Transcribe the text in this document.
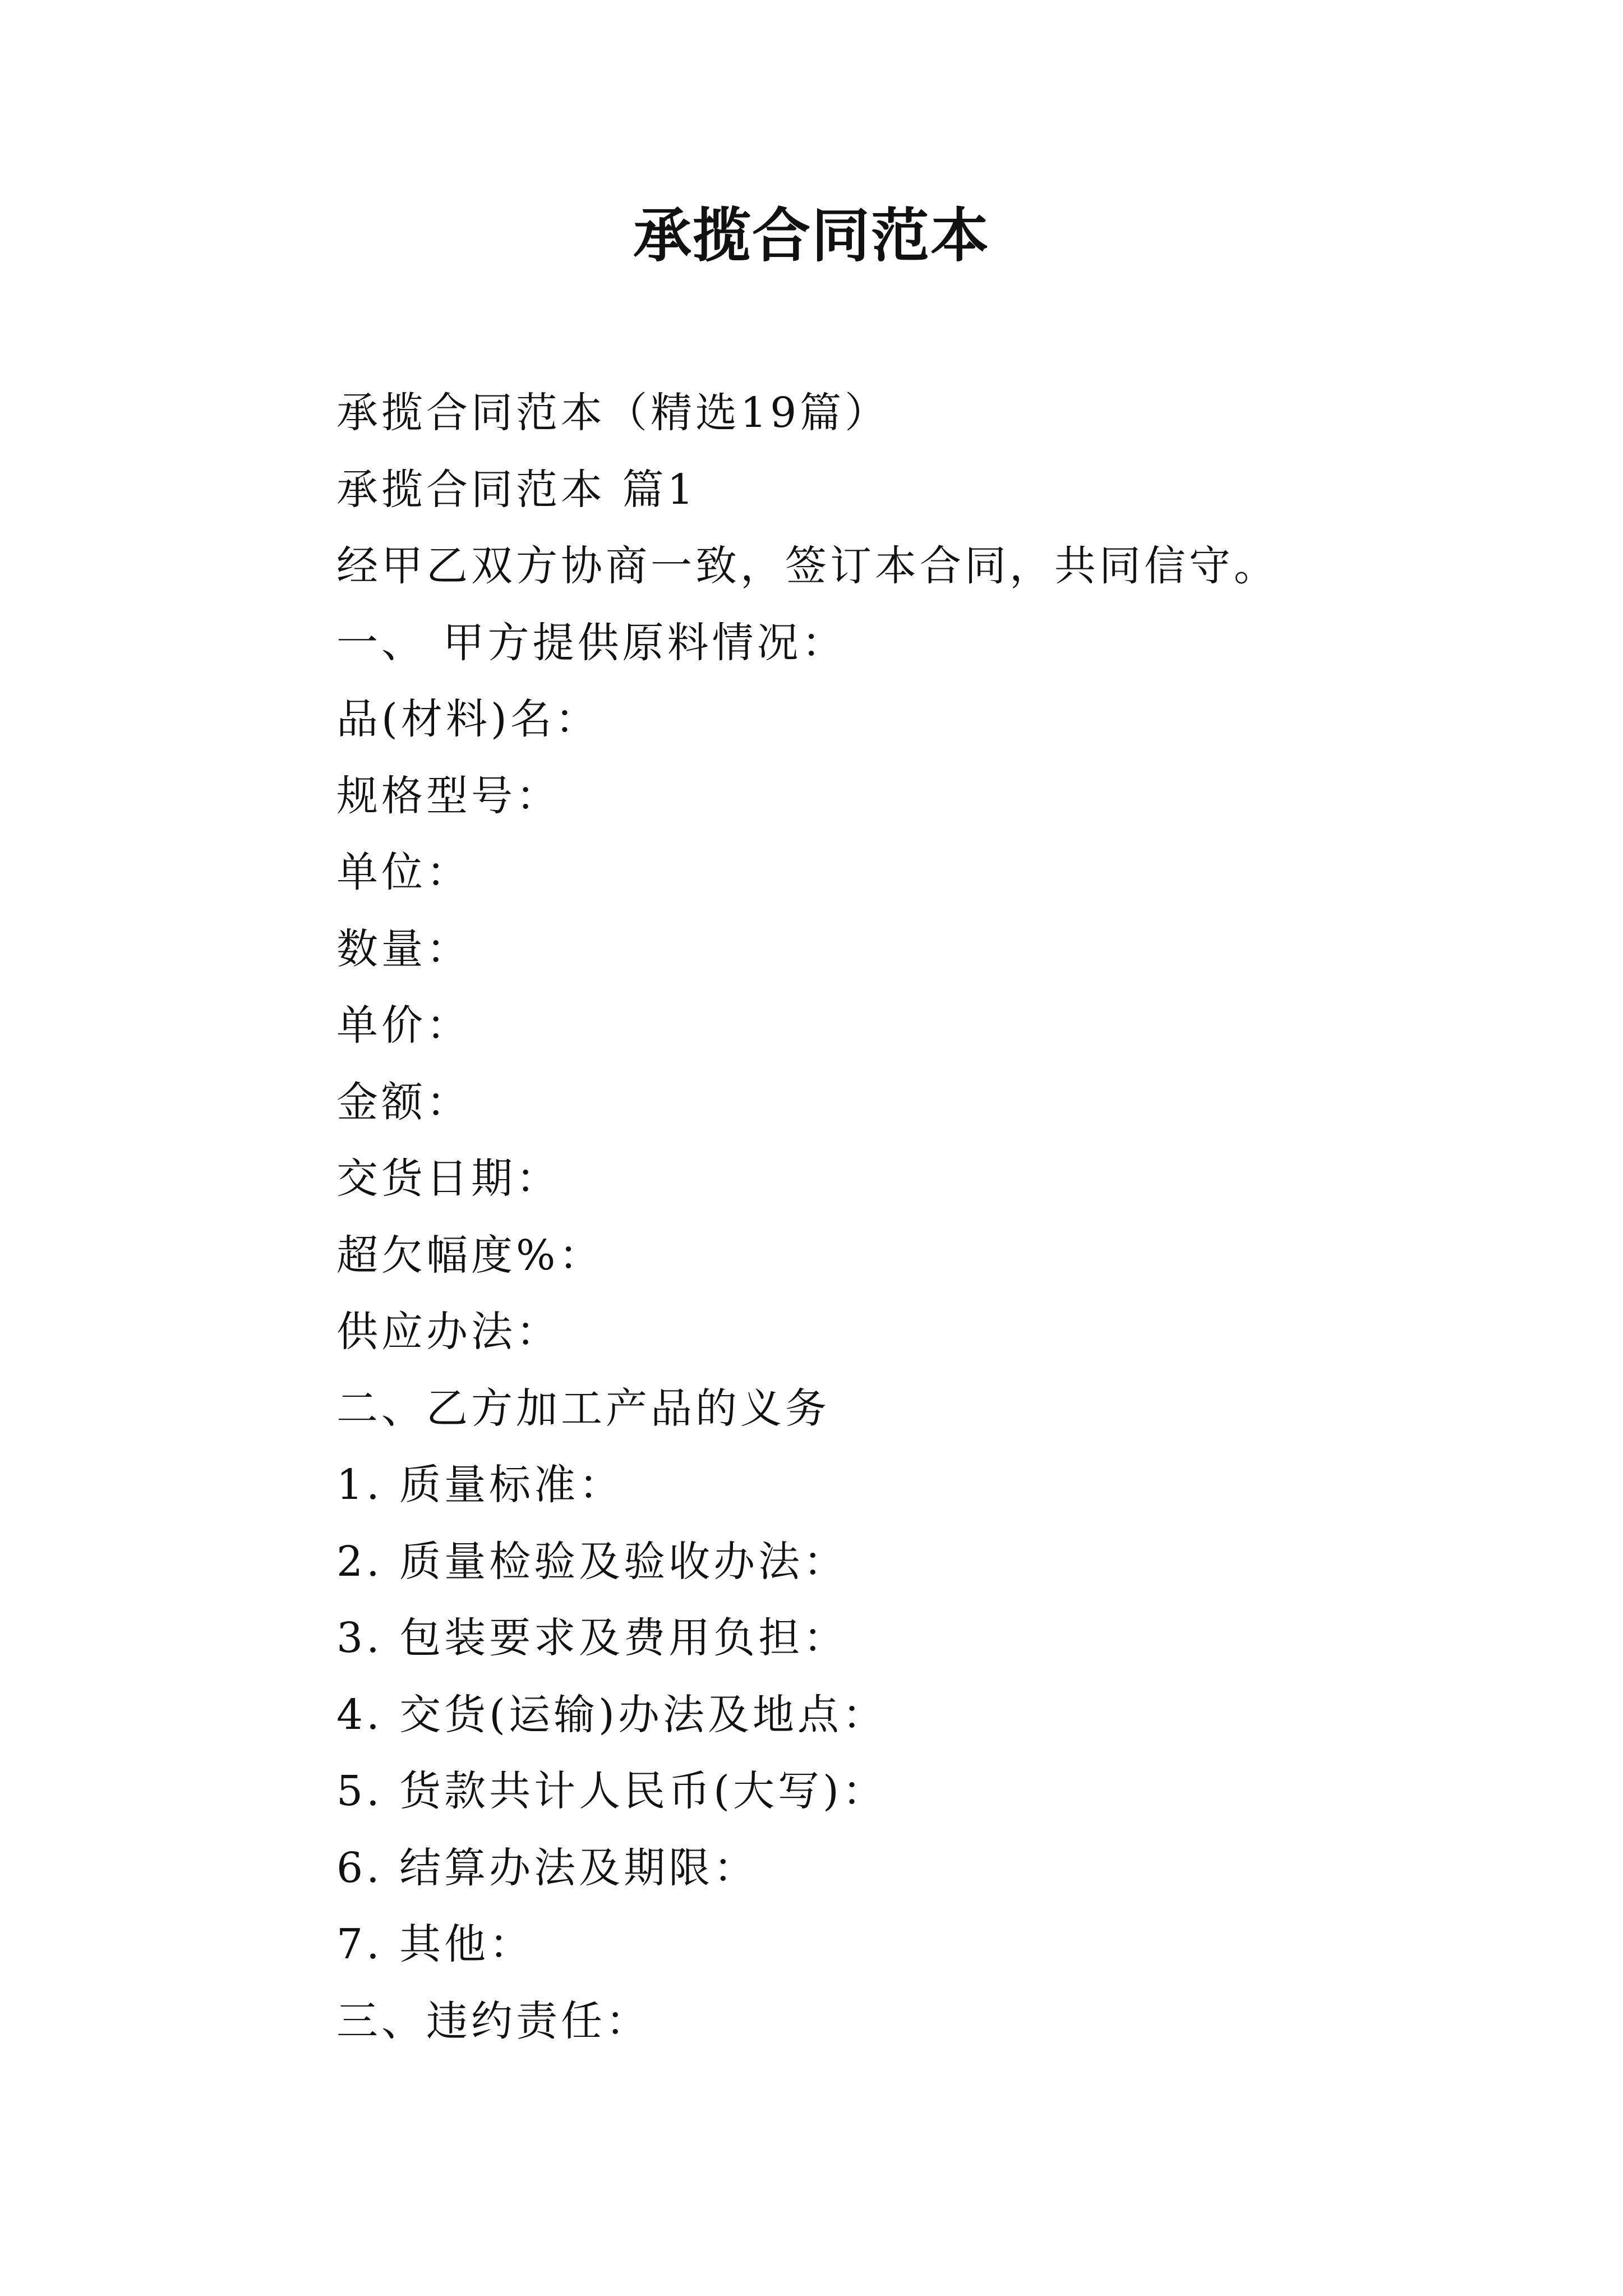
承揽合同范本
承揽合同范本（精选19篇）
承揽合同范本 篇1
经甲乙双方协商一致，签订本合同，共同信守。
一、 甲方提供原料情况：
品(材料)名：
规格型号：
单位：
数量：
单价：
金额：
交货日期：
超欠幅度%：
供应办法：
二、乙方加工产品的义务
1. 质量标准：
2. 质量检验及验收办法：
3. 包装要求及费用负担：
4. 交货(运输)办法及地点：
5. 货款共计人民币(大写)：
6. 结算办法及期限：
7. 其他：
三、违约责任：
